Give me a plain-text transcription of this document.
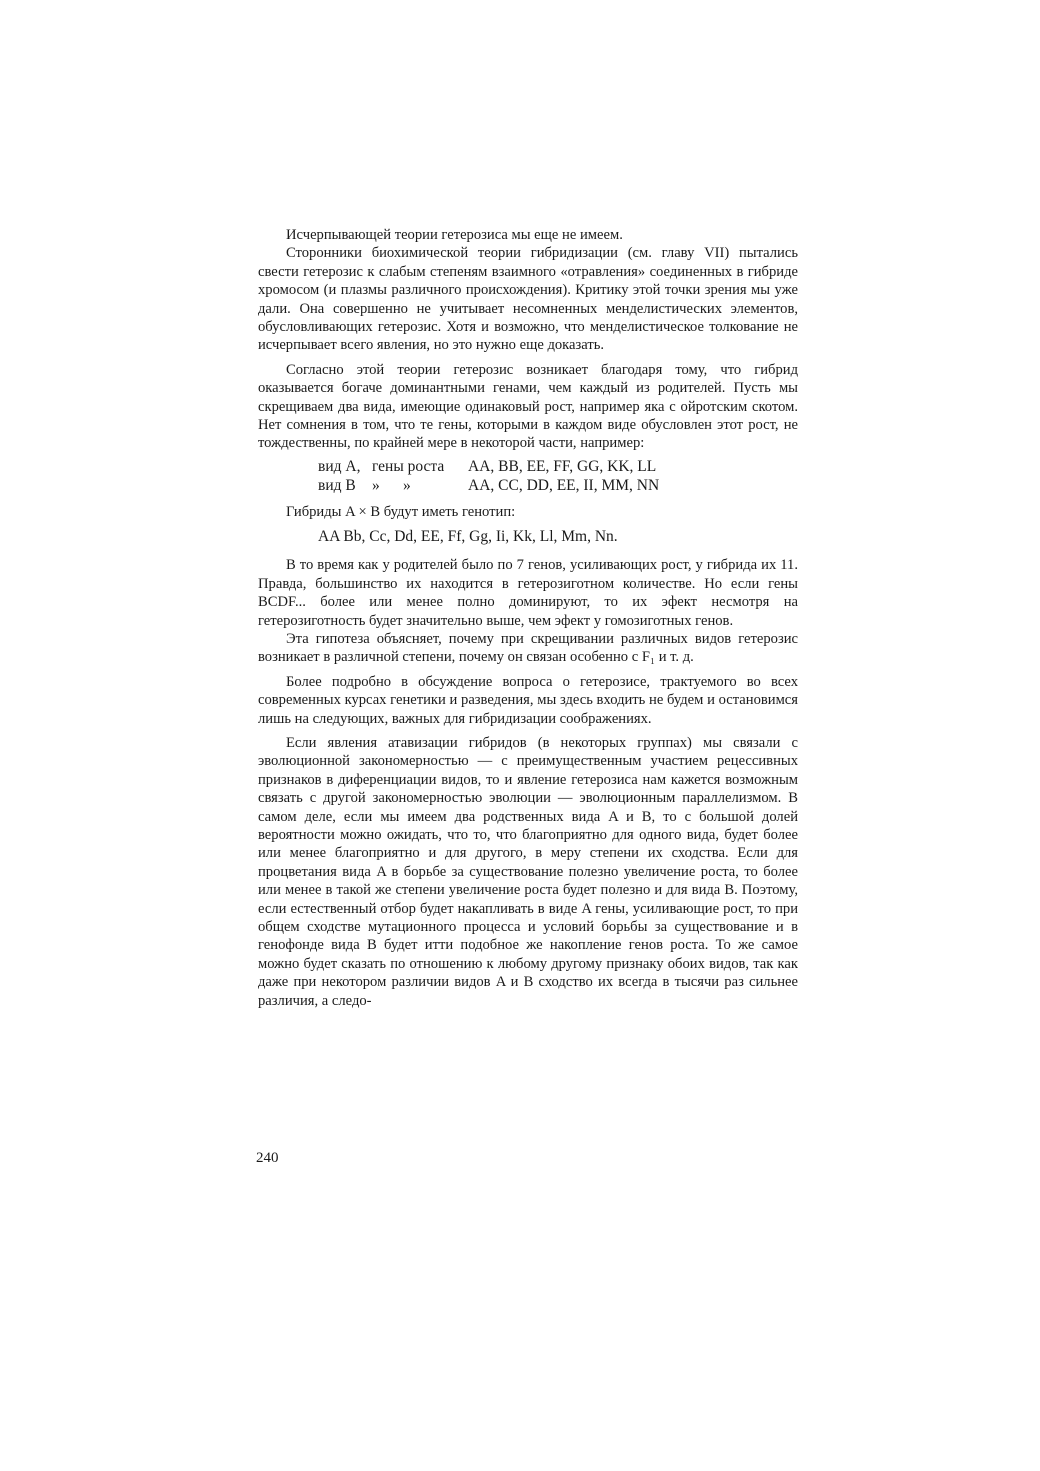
Исчерпывающей теории гетерозиса мы еще не имеем.

Сторонники биохимической теории гибридизации (см. главу VII) пытались свести гетерозис к слабым степеням взаимного «отравления» соединенных в гибриде хромосом (и плазмы различного происхождения). Критику этой точки зрения мы уже дали. Она совершенно не учитывает несомненных менделистических элементов, обусловливающих гетерозис. Хотя и возможно, что менделистическое толкование не исчерпывает всего явления, но это нужно еще доказать.

Согласно этой теории гетерозис возникает благодаря тому, что гибрид оказывается богаче доминантными генами, чем каждый из родителей. Пусть мы скрещиваем два вида, имеющие одинаковый рост, например яка с ойротским скотом. Нет сомнения в том, что те гены, которыми в каждом виде обусловлен этот рост, не тождественны, по крайней мере в некоторой части, например:

вид A, гены роста	AA, BB, EE, FF, GG, KK, LL
вид B	»      »	AA, CC, DD, EE, II, MM, NN
Гибриды A × B будут иметь генотип:
AA Bb, Cc, Dd, EE, Ff, Gg, Ii, Kk, Ll, Mm, Nn.

В то время как у родителей было по 7 генов, усиливающих рост, у гибрида их 11. Правда, большинство их находится в гетерозиготном количестве. Но если гены BCDF... более или менее полно доминируют, то их эфект несмотря на гетерозиготность будет значительно выше, чем эфект у гомозиготных генов.

Эта гипотеза объясняет, почему при скрещивании различных видов гетерозис возникает в различной степени, почему он связан особенно с F₁ и т. д.

Более подробно в обсуждение вопроса о гетерозисе, трактуемого во всех современных курсах генетики и разведения, мы здесь входить не будем и остановимся лишь на следующих, важных для гибридизации соображениях.

Если явления атавизации гибридов (в некоторых группах) мы связали с эволюционной закономерностью — с преимущественным участием рецессивных признаков в диференциации видов, то и явление гетерозиса нам кажется возможным связать с другой закономерностью эволюции — эволюционным параллелизмом. В самом деле, если мы имеем два родственных вида A и B, то с большой долей вероятности можно ожидать, что то, что благоприятно для одного вида, будет более или менее благоприятно и для другого, в меру степени их сходства. Если для процветания вида A в борьбе за существование полезно увеличение роста, то более или менее в такой же степени увеличение роста будет полезно и для вида B. Поэтому, если естественный отбор будет накапливать в виде A гены, усиливающие рост, то при общем сходстве мутационного процесса и условий борьбы за существование и в генофонде вида B будет итти подобное же накопление генов роста. То же самое можно будет сказать по отношению к любому другому признаку обоих видов, так как даже при некотором различии видов A и B сходство их всегда в тысячи раз сильнее различия, а следо-

240
